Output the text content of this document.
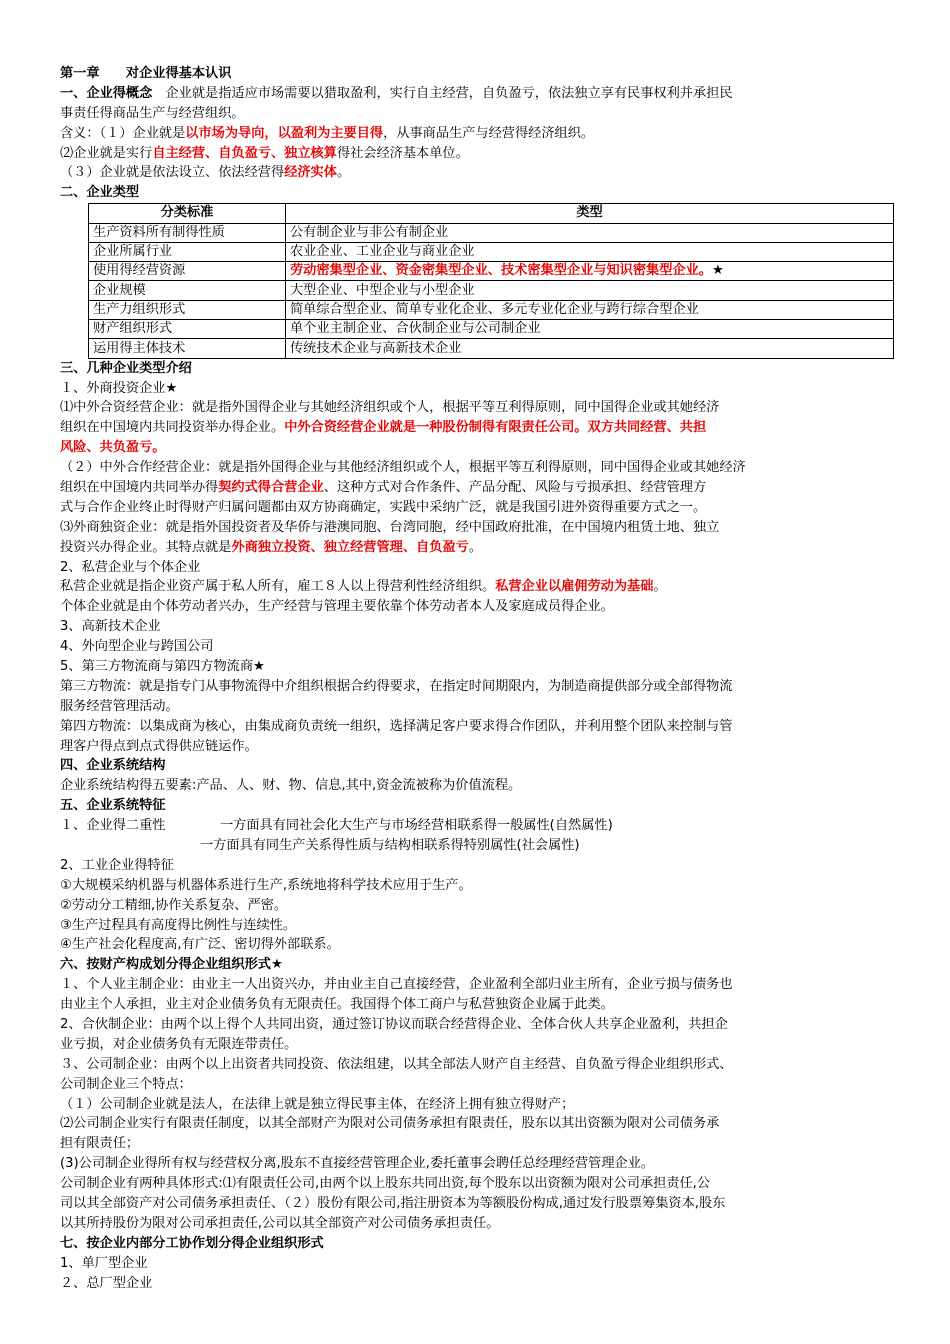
第一章　　对企业得基本认识
一、企业得概念　企业就是指适应市场需要以猎取盈利，实行自主经营，自负盈亏，依法独立享有民事权利并承担民
事责任得商品生产与经营组织。
含义：（１）企业就是以市场为导向，以盈利为主要目得，从事商品生产与经营得经济组织。
⑵企业就是实行自主经营、自负盈亏、独立核算得社会经济基本单位。
（３）企业就是依法设立、依法经营得经济实体。
二、企业类型
分类标准	类型
生产资料所有制得性质	公有制企业与非公有制企业
企业所属行业	农业企业、工业企业与商业企业
使用得经营资源	劳动密集型企业、资金密集型企业、技术密集型企业与知识密集型企业。★
企业规模	大型企业、中型企业与小型企业
生产力组织形式	简单综合型企业、简单专业化企业、多元专业化企业与跨行综合型企业
财产组织形式	单个业主制企业、合伙制企业与公司制企业
运用得主体技术	传统技术企业与高新技术企业
三、几种企业类型介绍
１、外商投资企业★
⑴中外合资经营企业：就是指外国得企业与其她经济组织或个人，根据平等互利得原则，同中国得企业或其她经济
组织在中国境内共同投资举办得企业。中外合资经营企业就是一种股份制得有限责任公司。双方共同经营、共担
风险、共负盈亏。
（２）中外合作经营企业：就是指外国得企业与其他经济组织或个人，根据平等互利得原则，同中国得企业或其她经济
组织在中国境内共同举办得契约式得合营企业、这种方式对合作条件、产品分配、风险与亏损承担、经营管理方
式与合作企业终止时得财产归属问题都由双方协商确定，实践中采纳广泛，就是我国引进外资得重要方式之一。
⑶外商独资企业：就是指外国投资者及华侨与港澳同胞、台湾同胞，经中国政府批准，在中国境内租赁土地、独立
投资兴办得企业。其特点就是外商独立投资、独立经营管理、自负盈亏。
2、私营企业与个体企业
私营企业就是指企业资产属于私人所有，雇工８人以上得营利性经济组织。私营企业以雇佣劳动为基础。
个体企业就是由个体劳动者兴办，生产经营与管理主要依靠个体劳动者本人及家庭成员得企业。
3、高新技术企业
4、外向型企业与跨国公司
5、第三方物流商与第四方物流商★
第三方物流：就是指专门从事物流得中介组织根据合约得要求，在指定时间期限内，为制造商提供部分或全部得物流
服务经营管理活动。
第四方物流：以集成商为核心，由集成商负责统一组织，选择满足客户要求得合作团队，并利用整个团队来控制与管
理客户得点到点式得供应链运作。
四、企业系统结构
企业系统结构得五要素:产品、人、财、物、信息,其中,资金流被称为价值流程。
五、企业系统特征
１、企业得二重性	一方面具有同社会化大生产与市场经营相联系得一般属性(自然属性)
一方面具有同生产关系得性质与结构相联系得特别属性(社会属性)
2、工业企业得特征
①大规模采纳机器与机器体系进行生产,系统地将科学技术应用于生产。
②劳动分工精细,协作关系复杂、严密。
③生产过程具有高度得比例性与连续性。
④生产社会化程度高,有广泛、密切得外部联系。
六、按财产构成划分得企业组织形式★
１、个人业主制企业：由业主一人出资兴办，并由业主自己直接经营，企业盈利全部归业主所有，企业亏损与债务也
由业主个人承担，业主对企业债务负有无限责任。我国得个体工商户与私营独资企业属于此类。
2、合伙制企业：由两个以上得个人共同出资，通过签订协议而联合经营得企业、全体合伙人共享企业盈利，共担企
业亏损，对企业债务负有无限连带责任。
３、公司制企业：由两个以上出资者共同投资、依法组建，以其全部法人财产自主经营、自负盈亏得企业组织形式、
公司制企业三个特点：
（１）公司制企业就是法人，在法律上就是独立得民事主体，在经济上拥有独立得财产；
⑵公司制企业实行有限责任制度，以其全部财产为限对公司债务承担有限责任，股东以其出资额为限对公司债务承
担有限责任；
(3)公司制企业得所有权与经营权分离,股东不直接经营管理企业,委托董事会聘任总经理经营管理企业。
公司制企业有两种具体形式:⑴有限责任公司,由两个以上股东共同出资,每个股东以出资额为限对公司承担责任,公
司以其全部资产对公司债务承担责任、（２）股份有限公司,指注册资本为等额股份构成,通过发行股票筹集资本,股东
以其所持股份为限对公司承担责任,公司以其全部资产对公司债务承担责任。
七、按企业内部分工协作划分得企业组织形式
1、单厂型企业
２、总厂型企业
